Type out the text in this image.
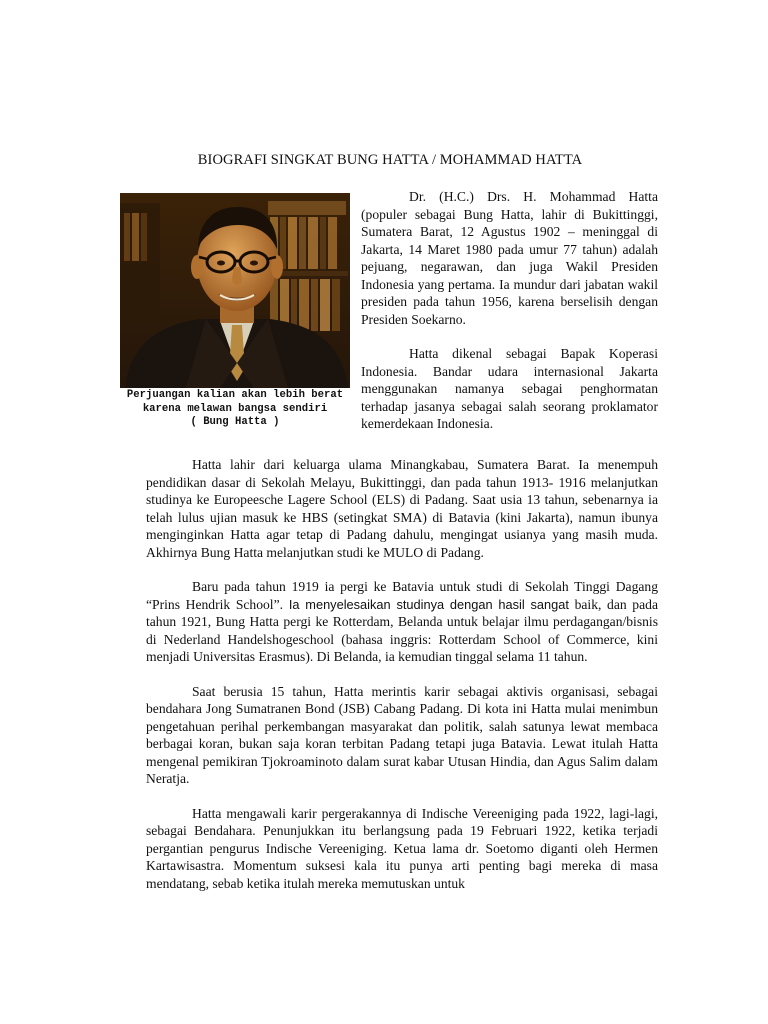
BIOGRAFI SINGKAT BUNG HATTA / MOHAMMAD HATTA
Perjuangan kalian akan lebih berat
karena melawan bangsa sendiri
( Bung Hatta )

Dr. (H.C.) Drs. H. Mohammad Hatta (populer sebagai Bung Hatta, lahir di Bukittinggi, Sumatera Barat, 12 Agustus 1902 – meninggal di Jakarta, 14 Maret 1980 pada umur 77 tahun) adalah pejuang, negarawan, dan juga Wakil Presiden Indonesia yang pertama. Ia mundur dari jabatan wakil presiden pada tahun 1956, karena berselisih dengan Presiden Soekarno.

Hatta dikenal sebagai Bapak Koperasi Indonesia. Bandar udara internasional Jakarta menggunakan namanya sebagai penghormatan terhadap jasanya sebagai salah seorang proklamator kemerdekaan Indonesia.

Hatta lahir dari keluarga ulama Minangkabau, Sumatera Barat. Ia menempuh pendidikan dasar di Sekolah Melayu, Bukittinggi, dan pada tahun 1913- 1916 melanjutkan studinya ke Europeesche Lagere School (ELS) di Padang. Saat usia 13 tahun, sebenarnya ia telah lulus ujian masuk ke HBS (setingkat SMA) di Batavia (kini Jakarta), namun ibunya menginginkan Hatta agar tetap di Padang dahulu, mengingat usianya yang masih muda. Akhirnya Bung Hatta melanjutkan studi ke MULO di Padang.

Baru pada tahun 1919 ia pergi ke Batavia untuk studi di Sekolah Tinggi Dagang “Prins Hendrik School”. Ia menyelesaikan studinya dengan hasil sangat baik, dan pada tahun 1921, Bung Hatta pergi ke Rotterdam, Belanda untuk belajar ilmu perdagangan/bisnis di Nederland Handelshogeschool (bahasa inggris: Rotterdam School of Commerce, kini menjadi Universitas Erasmus). Di Belanda, ia kemudian tinggal selama 11 tahun.

Saat berusia 15 tahun, Hatta merintis karir sebagai aktivis organisasi, sebagai bendahara Jong Sumatranen Bond (JSB) Cabang Padang. Di kota ini Hatta mulai menimbun pengetahuan perihal perkembangan masyarakat dan politik, salah satunya lewat membaca berbagai koran, bukan saja koran terbitan Padang tetapi juga Batavia. Lewat itulah Hatta mengenal pemikiran Tjokroaminoto dalam surat kabar Utusan Hindia, dan Agus Salim dalam Neratja.

Hatta mengawali karir pergerakannya di Indische Vereeniging pada 1922, lagi-lagi, sebagai Bendahara. Penunjukkan itu berlangsung pada 19 Februari 1922, ketika terjadi pergantian pengurus Indische Vereeniging. Ketua lama dr. Soetomo diganti oleh Hermen Kartawisastra. Momentum suksesi kala itu punya arti penting bagi mereka di masa mendatang, sebab ketika itulah mereka memutuskan untuk
